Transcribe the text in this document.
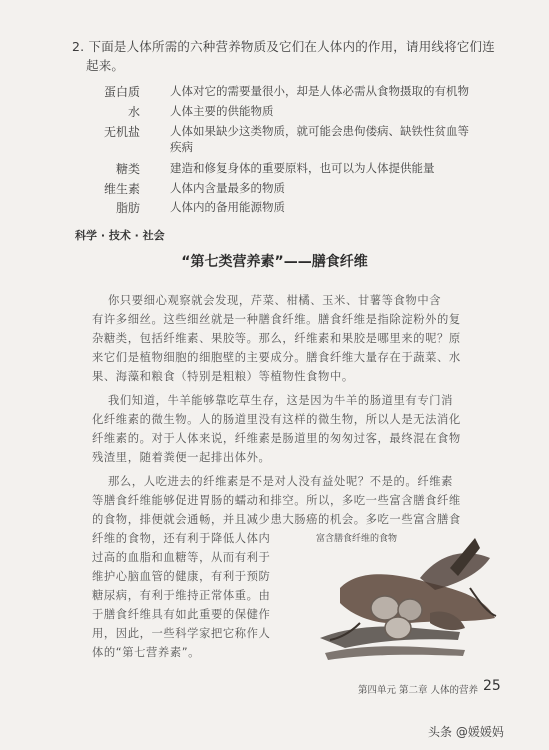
2. 下面是人体所需的六种营养物质及它们在人体内的作用，请用线将它们连
起来。
蛋白质
水
无机盐
糖类
维生素
脂肪
人体对它的需要量很小，却是人体必需从食物摄取的有机物
人体主要的供能物质
人体如果缺少这类物质，就可能会患佝偻病、缺铁性贫血等
疾病
建造和修复身体的重要原料，也可以为人体提供能量
人体内含量最多的物质
人体内的备用能源物质
科学 · 技术 · 社会
“第七类营养素”——膳食纤维
你只要细心观察就会发现，芹菜、柑橘、玉米、甘薯等食物中含
有许多细丝。这些细丝就是一种膳食纤维。膳食纤维是指除淀粉外的复
杂糖类，包括纤维素、果胶等。那么，纤维素和果胶是哪里来的呢？原
来它们是植物细胞的细胞壁的主要成分。膳食纤维大量存在于蔬菜、水
果、海藻和粮食（特别是粗粮）等植物性食物中。
我们知道，牛羊能够靠吃草生存，这是因为牛羊的肠道里有专门消
化纤维素的微生物。人的肠道里没有这样的微生物，所以人是无法消化
纤维素的。对于人体来说，纤维素是肠道里的匆匆过客，最终混在食物
残渣里，随着粪便一起排出体外。
那么，人吃进去的纤维素是不是对人没有益处呢？不是的。纤维素
等膳食纤维能够促进胃肠的蠕动和排空。所以，多吃一些富含膳食纤维
的食物，排便就会通畅，并且减少患大肠癌的机会。多吃一些富含膳食
纤维的食物，还有利于降低人体内
过高的血脂和血糖等，从而有利于
维护心脑血管的健康，有利于预防
糖尿病，有利于维持正常体重。由
于膳食纤维具有如此重要的保健作
用，因此，一些科学家把它称作人
体的“第七营养素”。
富含膳食纤维的食物
第四单元 第二章 人体的营养 25
头条 @媛媛妈
